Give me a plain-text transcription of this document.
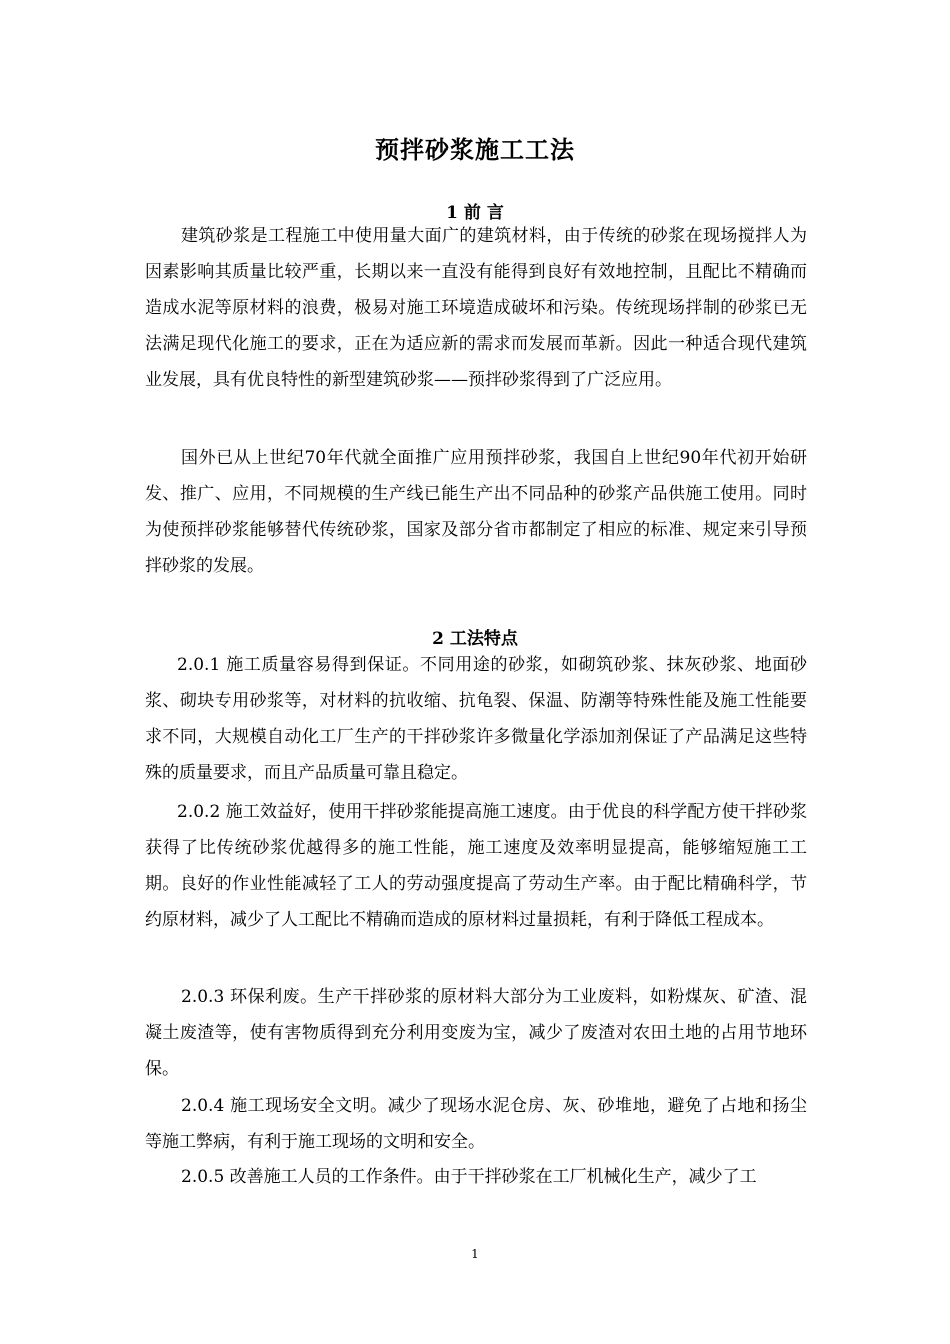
预拌砂浆施工工法
1 前 言

建筑砂浆是工程施工中使用量大面广的建筑材料，由于传统的砂浆在现场搅拌人为因素影响其质量比较严重，长期以来一直没有能得到良好有效地控制，且配比不精确而造成水泥等原材料的浪费，极易对施工环境造成破坏和污染。传统现场拌制的砂浆已无法满足现代化施工的要求，正在为适应新的需求而发展而革新。因此一种适合现代建筑业发展，具有优良特性的新型建筑砂浆——预拌砂浆得到了广泛应用。

国外已从上世纪70年代就全面推广应用预拌砂浆，我国自上世纪90年代初开始研发、推广、应用，不同规模的生产线已能生产出不同品种的砂浆产品供施工使用。同时为使预拌砂浆能够替代传统砂浆，国家及部分省市都制定了相应的标准、规定来引导预拌砂浆的发展。

2 工法特点

2.0.1 施工质量容易得到保证。不同用途的砂浆，如砌筑砂浆、抹灰砂浆、地面砂浆、砌块专用砂浆等，对材料的抗收缩、抗龟裂、保温、防潮等特殊性能及施工性能要求不同，大规模自动化工厂生产的干拌砂浆许多微量化学添加剂保证了产品满足这些特殊的质量要求，而且产品质量可靠且稳定。

2.0.2 施工效益好，使用干拌砂浆能提高施工速度。由于优良的科学配方使干拌砂浆获得了比传统砂浆优越得多的施工性能，施工速度及效率明显提高，能够缩短施工工期。良好的作业性能减轻了工人的劳动强度提高了劳动生产率。由于配比精确科学，节约原材料，减少了人工配比不精确而造成的原材料过量损耗，有利于降低工程成本。

2.0.3 环保利废。生产干拌砂浆的原材料大部分为工业废料，如粉煤灰、矿渣、混凝土废渣等，使有害物质得到充分利用变废为宝，减少了废渣对农田土地的占用节地环保。

2.0.4 施工现场安全文明。减少了现场水泥仓房、灰、砂堆地，避免了占地和扬尘等施工弊病，有利于施工现场的文明和安全。

2.0.5 改善施工人员的工作条件。由于干拌砂浆在工厂机械化生产，减少了工

1
